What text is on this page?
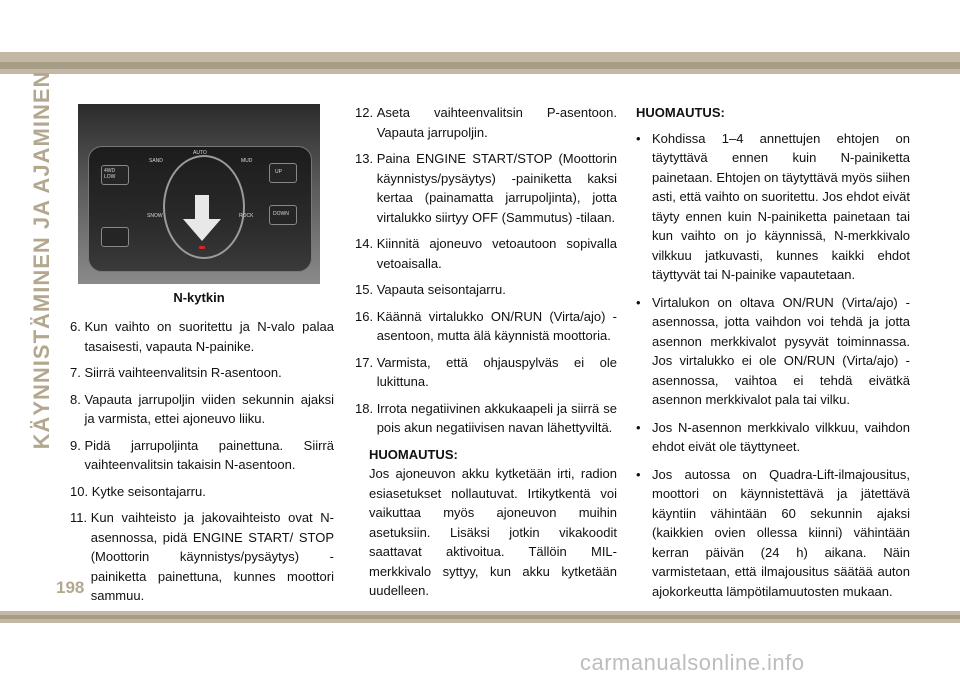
KÄYNNISTÄMINEN JA AJAMINEN	AUTO
SAND	MUD
4WD LOW
UP
SNOW	ROCK	DOWN
N-kytkin
6. Kun vaihto on suoritettu ja N-valo palaa tasaisesti, vapauta N-painike.
7. Siirrä vaihteenvalitsin R-asentoon.
8. Vapauta jarrupoljin viiden sekunnin ajaksi ja varmista, ettei ajoneuvo liiku.
9. Pidä jarrupoljinta painettuna. Siirrä vaihteenvalitsin takaisin N-asentoon.
10. Kytke seisontajarru.
11. Kun vaihteisto ja jakovaihteisto ovat N-asennossa, pidä ENGINE START/ STOP (Moottorin käynnistys/pysäytys) -painiketta painettuna, kunnes moottori sammuu.
12. Aseta vaihteenvalitsin P-asentoon. Vapauta jarrupoljin.
13. Paina ENGINE START/STOP (Moottorin käynnistys/pysäytys) -painiketta kaksi kertaa (painamatta jarrupoljinta), jotta virtalukko siirtyy OFF (Sammutus) -tilaan.
14. Kiinnitä ajoneuvo vetoautoon sopivalla vetoaisalla.
15. Vapauta seisontajarru.
16. Käännä virtalukko ON/RUN (Virta/ajo) -asentoon, mutta älä käynnistä moottoria.
17. Varmista, että ohjauspylväs ei ole lukittuna.
18. Irrota negatiivinen akkukaapeli ja siirrä se pois akun negatiivisen navan lähettyviltä.
HUOMAUTUS:
Jos ajoneuvon akku kytketään irti, radion esiasetukset nollautuvat. Irtikytkentä voi vaikuttaa myös ajoneuvon muihin asetuksiin. Lisäksi jotkin vikakoodit saattavat aktivoitua. Tällöin MIL-merkkivalo syttyy, kun akku kytketään uudelleen.
HUOMAUTUS:
• Kohdissa 1–4 annettujen ehtojen on täytyttävä ennen kuin N-painiketta painetaan. Ehtojen on täytyttävä myös siihen asti, että vaihto on suoritettu. Jos ehdot eivät täyty ennen kuin N-painiketta painetaan tai kun vaihto on jo käynnissä, N-merkkivalo vilkkuu jatkuvasti, kunnes kaikki ehdot täyttyvät tai N-painike vapautetaan.
• Virtalukon on oltava ON/RUN (Virta/ajo) -asennossa, jotta vaihdon voi tehdä ja jotta asennon merkkivalot pysyvät toiminnassa. Jos virtalukko ei ole ON/RUN (Virta/ajo) -asennossa, vaihtoa ei tehdä eivätkä asennon merkkivalot pala tai vilku.
• Jos N-asennon merkkivalo vilkkuu, vaihdon ehdot eivät ole täyttyneet.
• Jos autossa on Quadra-Lift-ilmajousitus, moottori on käynnistettävä ja jätettävä käyntiin vähintään 60 sekunnin ajaksi (kaikkien ovien ollessa kiinni) vähintään kerran päivän (24 h) aikana. Näin varmistetaan, että ilmajousitus säätää auton ajokorkeutta lämpötilamuutosten mukaan.
198
carmanualsonline.info
